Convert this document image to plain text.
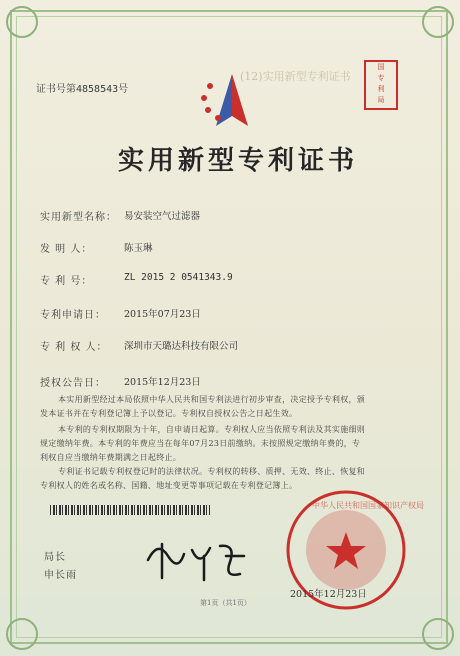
证书号第4858543号
(12)实用新型专利证书
国
专
利
局
实用新型专利证书
实用新型名称： 易安装空气过滤器
发 明 人：	陈玉琳
专 利 号：	ZL 2015 2 0541343.9
专利申请日： 2015年07月23日
专 利 权 人： 深圳市天璐达科技有限公司
授权公告日： 2015年12月23日
本实用新型经过本局依照中华人民共和国专利法进行初步审查，决定授予专利权，颁
发本证书并在专利登记簿上予以登记。专利权自授权公告之日起生效。
本专利的专利权期限为十年，自申请日起算。专利权人应当依照专利法及其实施细则
规定缴纳年费。本专利的年费应当在每年07月23日前缴纳。未按照规定缴纳年费的，专
利权自应当缴纳年费期满之日起终止。
专利证书记载专利权登记时的法律状况。专利权的转移、质押、无效、终止、恢复和
专利权人的姓名或名称、国籍、地址变更等事项记载在专利登记簿上。
局长
申长雨
中华人民共和国国家知识产权局
2015年12月23日
第1页（共1页）
